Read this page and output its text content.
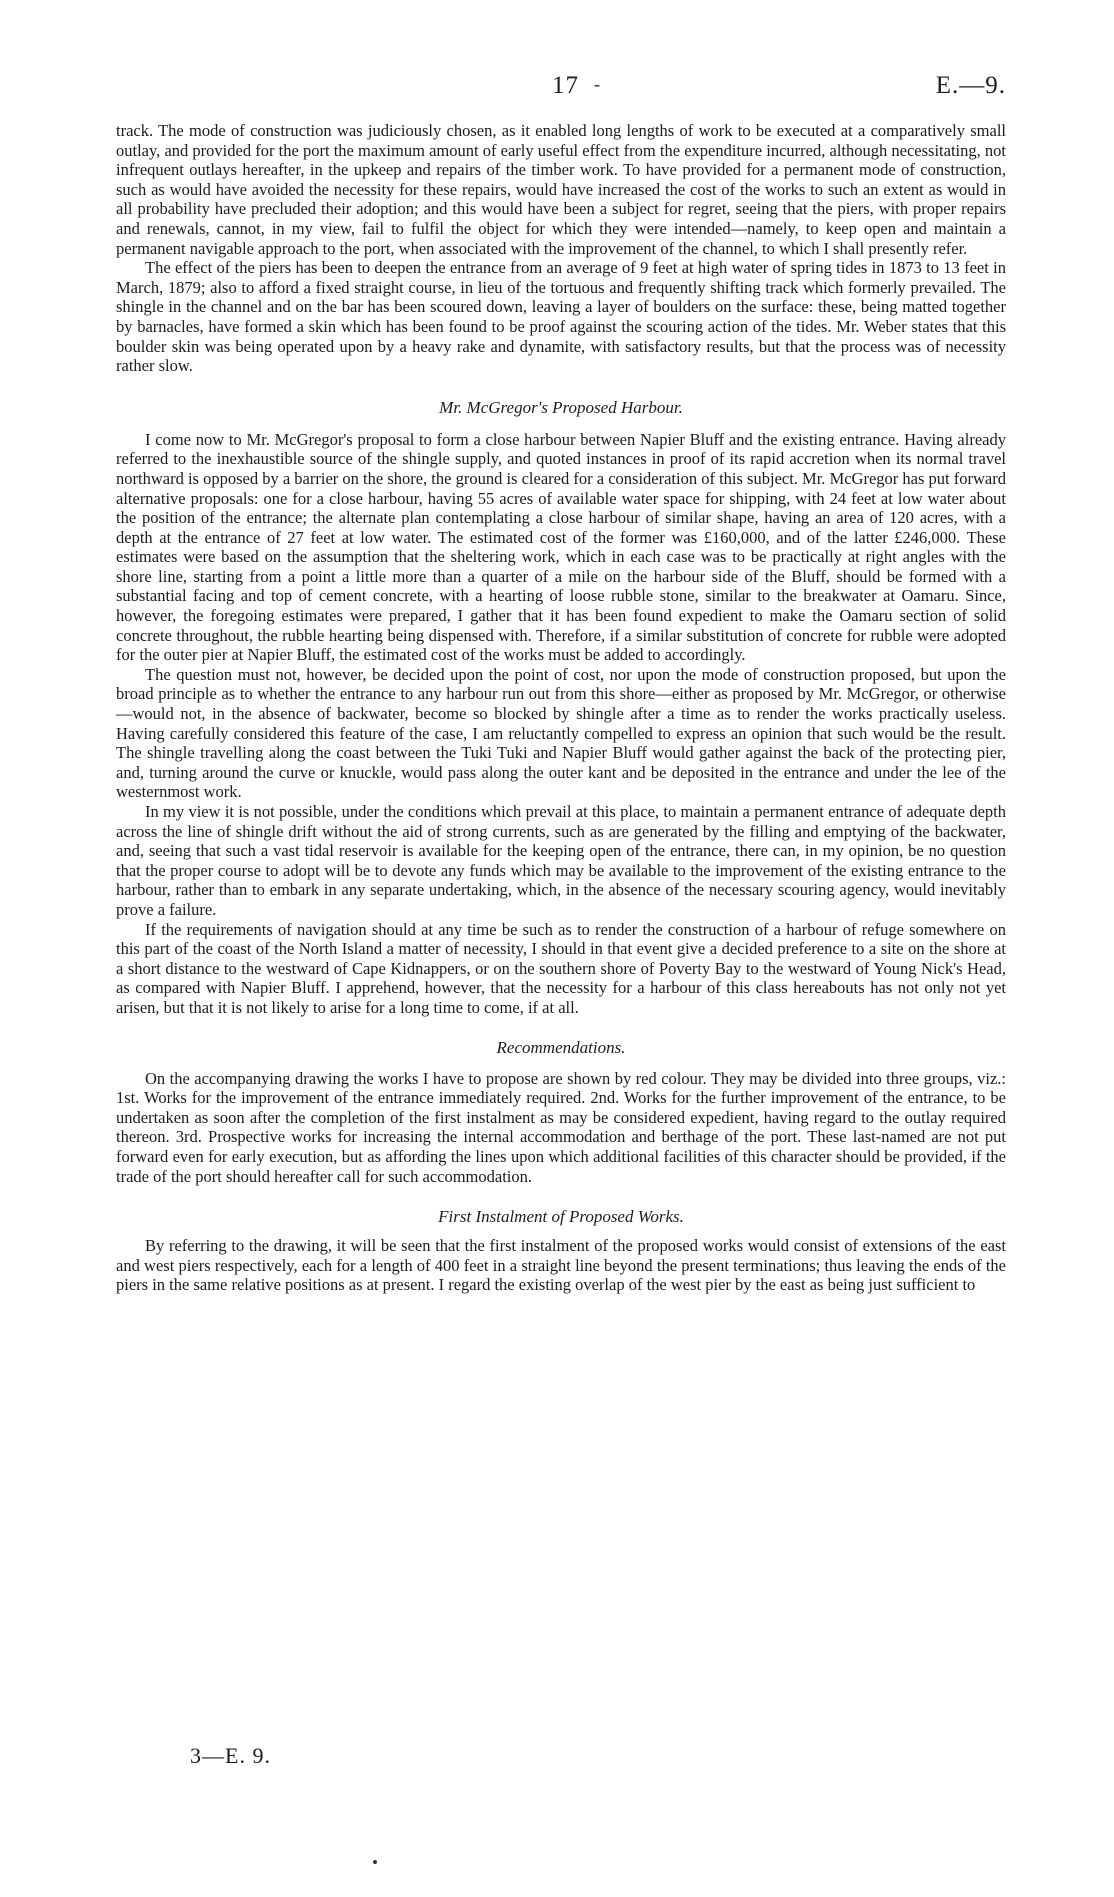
17 -	E.—9.

track. The mode of construction was judiciously chosen, as it enabled long lengths of work to be executed at a comparatively small outlay, and provided for the port the maximum amount of early useful effect from the expenditure incurred, although necessitating, not infrequent outlays hereafter, in the upkeep and repairs of the timber work. To have provided for a permanent mode of construction, such as would have avoided the necessity for these repairs, would have increased the cost of the works to such an extent as would in all probability have precluded their adoption; and this would have been a subject for regret, seeing that the piers, with proper repairs and renewals, cannot, in my view, fail to fulfil the object for which they were intended—namely, to keep open and maintain a permanent navigable approach to the port, when associated with the improvement of the channel, to which I shall presently refer.

The effect of the piers has been to deepen the entrance from an average of 9 feet at high water of spring tides in 1873 to 13 feet in March, 1879; also to afford a fixed straight course, in lieu of the tortuous and frequently shifting track which formerly prevailed. The shingle in the channel and on the bar has been scoured down, leaving a layer of boulders on the surface: these, being matted together by barnacles, have formed a skin which has been found to be proof against the scouring action of the tides. Mr. Weber states that this boulder skin was being operated upon by a heavy rake and dynamite, with satisfactory results, but that the process was of necessity rather slow.

Mr. McGregor's Proposed Harbour.

I come now to Mr. McGregor's proposal to form a close harbour between Napier Bluff and the existing entrance. Having already referred to the inexhaustible source of the shingle supply, and quoted instances in proof of its rapid accretion when its normal travel northward is opposed by a barrier on the shore, the ground is cleared for a consideration of this subject. Mr. McGregor has put forward alternative proposals: one for a close harbour, having 55 acres of available water space for shipping, with 24 feet at low water about the position of the entrance; the alternate plan contemplating a close harbour of similar shape, having an area of 120 acres, with a depth at the entrance of 27 feet at low water. The estimated cost of the former was £160,000, and of the latter £246,000. These estimates were based on the assumption that the sheltering work, which in each case was to be practically at right angles with the shore line, starting from a point a little more than a quarter of a mile on the harbour side of the Bluff, should be formed with a substantial facing and top of cement concrete, with a hearting of loose rubble stone, similar to the breakwater at Oamaru. Since, however, the foregoing estimates were prepared, I gather that it has been found expedient to make the Oamaru section of solid concrete throughout, the rubble hearting being dispensed with. Therefore, if a similar substitution of concrete for rubble were adopted for the outer pier at Napier Bluff, the estimated cost of the works must be added to accordingly.

The question must not, however, be decided upon the point of cost, nor upon the mode of construction proposed, but upon the broad principle as to whether the entrance to any harbour run out from this shore—either as proposed by Mr. McGregor, or otherwise—would not, in the absence of backwater, become so blocked by shingle after a time as to render the works practically useless. Having carefully considered this feature of the case, I am reluctantly compelled to express an opinion that such would be the result. The shingle travelling along the coast between the Tuki Tuki and Napier Bluff would gather against the back of the protecting pier, and, turning around the curve or knuckle, would pass along the outer kant and be deposited in the entrance and under the lee of the westernmost work.

In my view it is not possible, under the conditions which prevail at this place, to maintain a permanent entrance of adequate depth across the line of shingle drift without the aid of strong currents, such as are generated by the filling and emptying of the backwater, and, seeing that such a vast tidal reservoir is available for the keeping open of the entrance, there can, in my opinion, be no question that the proper course to adopt will be to devote any funds which may be available to the improvement of the existing entrance to the harbour, rather than to embark in any separate undertaking, which, in the absence of the necessary scouring agency, would inevitably prove a failure.

If the requirements of navigation should at any time be such as to render the construction of a harbour of refuge somewhere on this part of the coast of the North Island a matter of necessity, I should in that event give a decided preference to a site on the shore at a short distance to the westward of Cape Kidnappers, or on the southern shore of Poverty Bay to the westward of Young Nick's Head, as compared with Napier Bluff. I apprehend, however, that the necessity for a harbour of this class hereabouts has not only not yet arisen, but that it is not likely to arise for a long time to come, if at all.

Recommendations.

On the accompanying drawing the works I have to propose are shown by red colour. They may be divided into three groups, viz.: 1st. Works for the improvement of the entrance immediately required. 2nd. Works for the further improvement of the entrance, to be undertaken as soon after the completion of the first instalment as may be considered expedient, having regard to the outlay required thereon. 3rd. Prospective works for increasing the internal accommodation and berthage of the port. These last-named are not put forward even for early execution, but as affording the lines upon which additional facilities of this character should be provided, if the trade of the port should hereafter call for such accommodation.

First Instalment of Proposed Works.

By referring to the drawing, it will be seen that the first instalment of the proposed works would consist of extensions of the east and west piers respectively, each for a length of 400 feet in a straight line beyond the present terminations; thus leaving the ends of the piers in the same relative positions as at present. I regard the existing overlap of the west pier by the east as being just sufficient to

3—E. 9.
